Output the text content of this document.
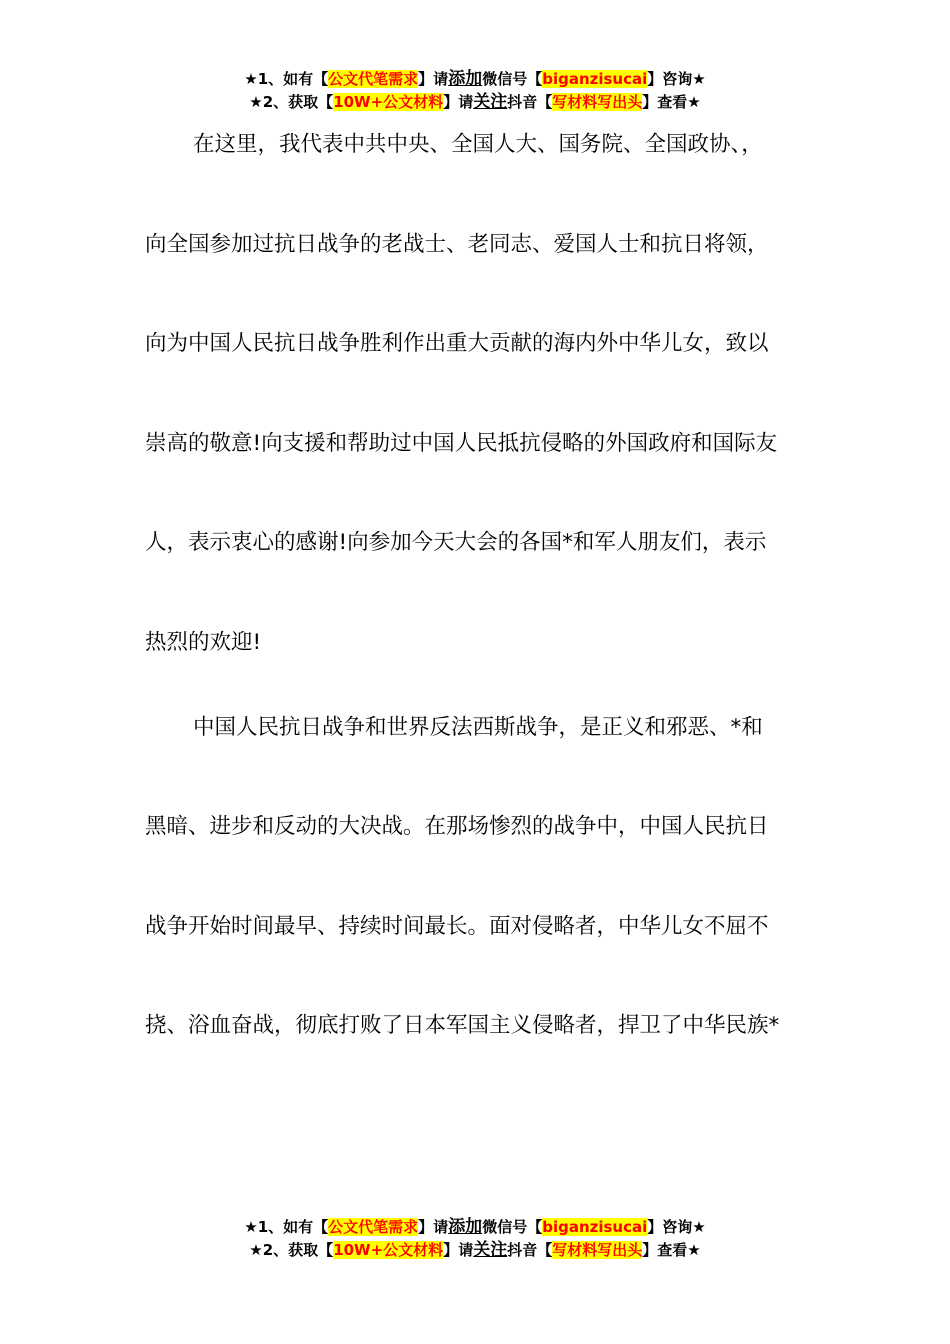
★1、如有【公文代笔需求】请添加微信号【biganzisucai】咨询★
★2、获取【10W+公文材料】请关注抖音【写材料写出头】查看★
在这里，我代表中共中央、全国人大、国务院、全国政协、，
向全国参加过抗日战争的老战士、老同志、爱国人士和抗日将领，
向为中国人民抗日战争胜利作出重大贡献的海内外中华儿女，致以
崇高的敬意!向支援和帮助过中国人民抵抗侵略的外国政府和国际友
人，表示衷心的感谢!向参加今天大会的各国*和军人朋友们，表示
热烈的欢迎!
中国人民抗日战争和世界反法西斯战争，是正义和邪恶、*和
黑暗、进步和反动的大决战。在那场惨烈的战争中，中国人民抗日
战争开始时间最早、持续时间最长。面对侵略者，中华儿女不屈不
挠、浴血奋战，彻底打败了日本军国主义侵略者，捍卫了中华民族*
★1、如有【公文代笔需求】请添加微信号【biganzisucai】咨询★
★2、获取【10W+公文材料】请关注抖音【写材料写出头】查看★
